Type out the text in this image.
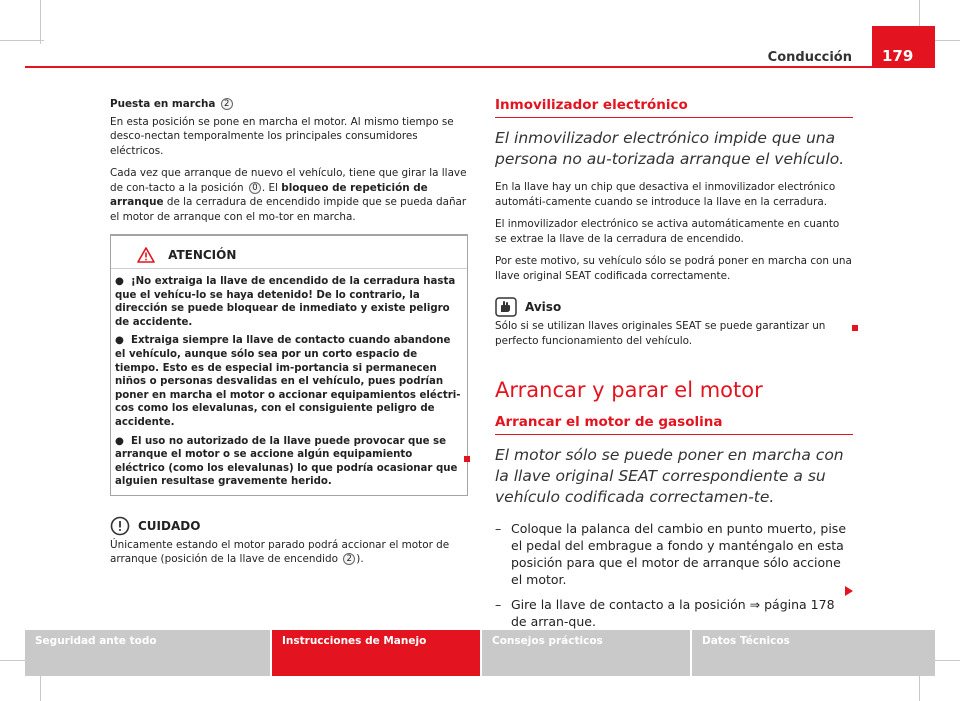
Conducción	179

Puesta en marcha 2

En esta posición se pone en marcha el motor. Al mismo tiempo se desco-nectan temporalmente los principales consumidores eléctricos.

Cada vez que arranque de nuevo el vehículo, tiene que girar la llave de con-tacto a la posición 0 . El bloqueo de repetición de arranque de la cerradura de encendido impide que se pueda dañar el motor de arranque con el mo-tor en marcha.

ATENCIÓN

●  ¡No extraiga la llave de encendido de la cerradura hasta que el vehícu-lo se haya detenido! De lo contrario, la dirección se puede bloquear de inmediato y existe peligro de accidente.

●  Extraiga siempre la llave de contacto cuando abandone el vehículo, aunque sólo sea por un corto espacio de tiempo. Esto es de especial im-portancia si permanecen niños o personas desvalidas en el vehículo, pues podrían poner en marcha el motor o accionar equipamientos eléctri-cos como los elevalunas, con el consiguiente peligro de accidente.

●  El uso no autorizado de la llave puede provocar que se arranque el motor o se accione algún equipamiento eléctrico (como los elevalunas) lo que podría ocasionar que alguien resultase gravemente herido.

CUIDADO

Únicamente estando el motor parado podrá accionar el motor de arranque (posición de la llave de encendido 2 ).

Inmovilizador electrónico
El inmovilizador electrónico impide que una persona no au-torizada arranque el vehículo.

En la llave hay un chip que desactiva el inmovilizador electrónico automáti-camente cuando se introduce la llave en la cerradura.

El inmovilizador electrónico se activa automáticamente en cuanto se extrae la llave de la cerradura de encendido.

Por este motivo, su vehículo sólo se podrá poner en marcha con una llave original SEAT codificada correctamente.

Aviso

Sólo si se utilizan llaves originales SEAT se puede garantizar un perfecto funcionamiento del vehículo.

Arrancar y parar el motor
Arrancar el motor de gasolina
El motor sólo se puede poner en marcha con la llave original SEAT correspondiente a su vehículo codificada correctamen-te.
– Coloque la palanca del cambio en punto muerto, pise el pedal del embrague a fondo y manténgalo en esta posición para que el motor de arranque sólo accione el motor.
– Gire la llave de contacto a la posición ⇒ página 178 de arran-que.
Seguridad ante todo	Instrucciones de Manejo	Consejos prácticos	Datos Técnicos
